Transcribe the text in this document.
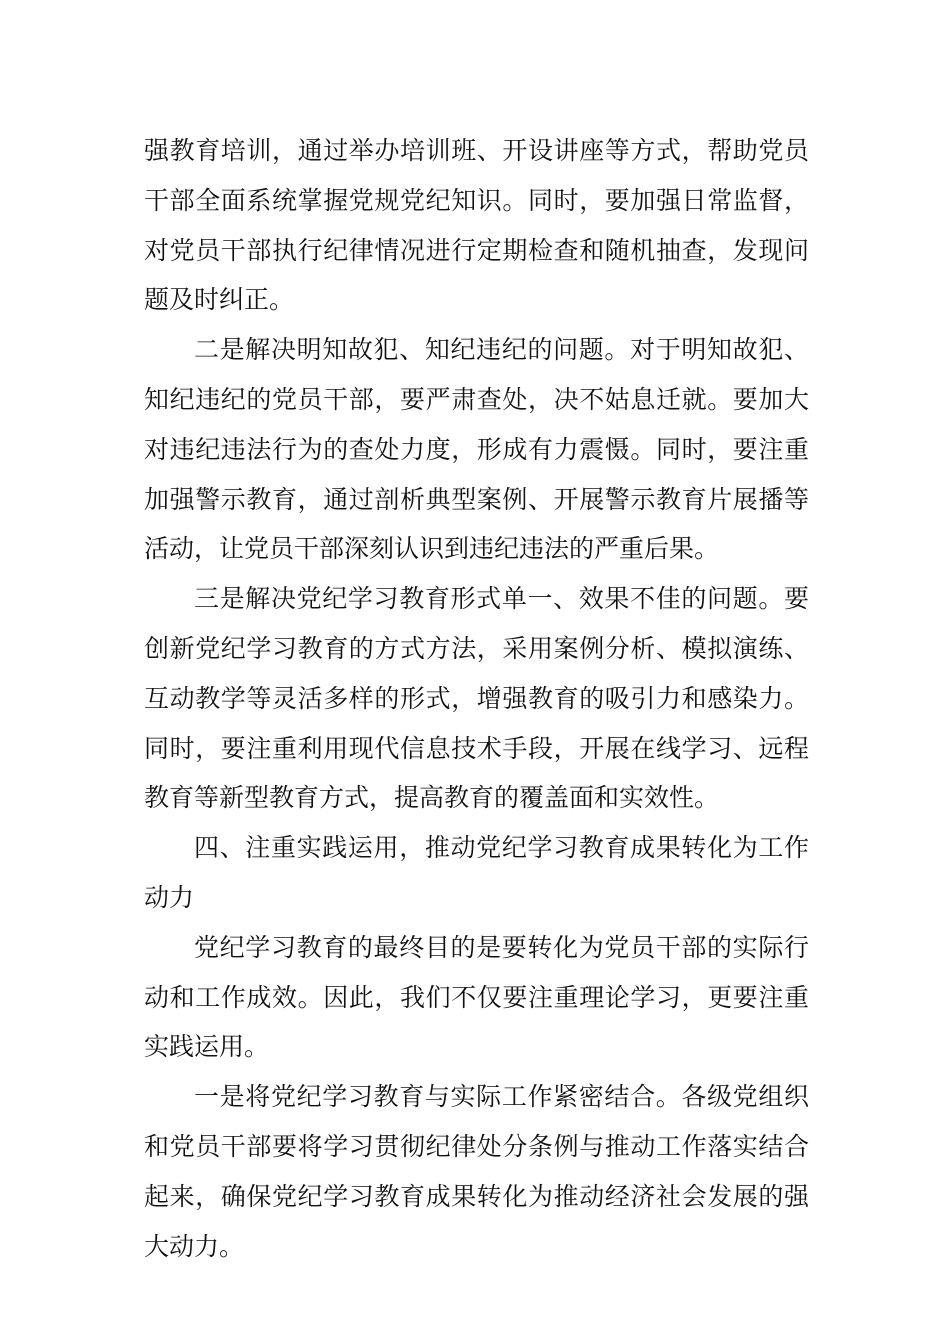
强教育培训，通过举办培训班、开设讲座等方式，帮助党员干部全面系统掌握党规党纪知识。同时，要加强日常监督，对党员干部执行纪律情况进行定期检查和随机抽查，发现问题及时纠正。

二是解决明知故犯、知纪违纪的问题。对于明知故犯、知纪违纪的党员干部，要严肃查处，决不姑息迁就。要加大对违纪违法行为的查处力度，形成有力震慑。同时，要注重加强警示教育，通过剖析典型案例、开展警示教育片展播等活动，让党员干部深刻认识到违纪违法的严重后果。

三是解决党纪学习教育形式单一、效果不佳的问题。要创新党纪学习教育的方式方法，采用案例分析、模拟演练、互动教学等灵活多样的形式，增强教育的吸引力和感染力。同时，要注重利用现代信息技术手段，开展在线学习、远程教育等新型教育方式，提高教育的覆盖面和实效性。

四、注重实践运用，推动党纪学习教育成果转化为工作动力

党纪学习教育的最终目的是要转化为党员干部的实际行动和工作成效。因此，我们不仅要注重理论学习，更要注重实践运用。

一是将党纪学习教育与实际工作紧密结合。各级党组织和党员干部要将学习贯彻纪律处分条例与推动工作落实结合起来，确保党纪学习教育成果转化为推动经济社会发展的强大动力。
